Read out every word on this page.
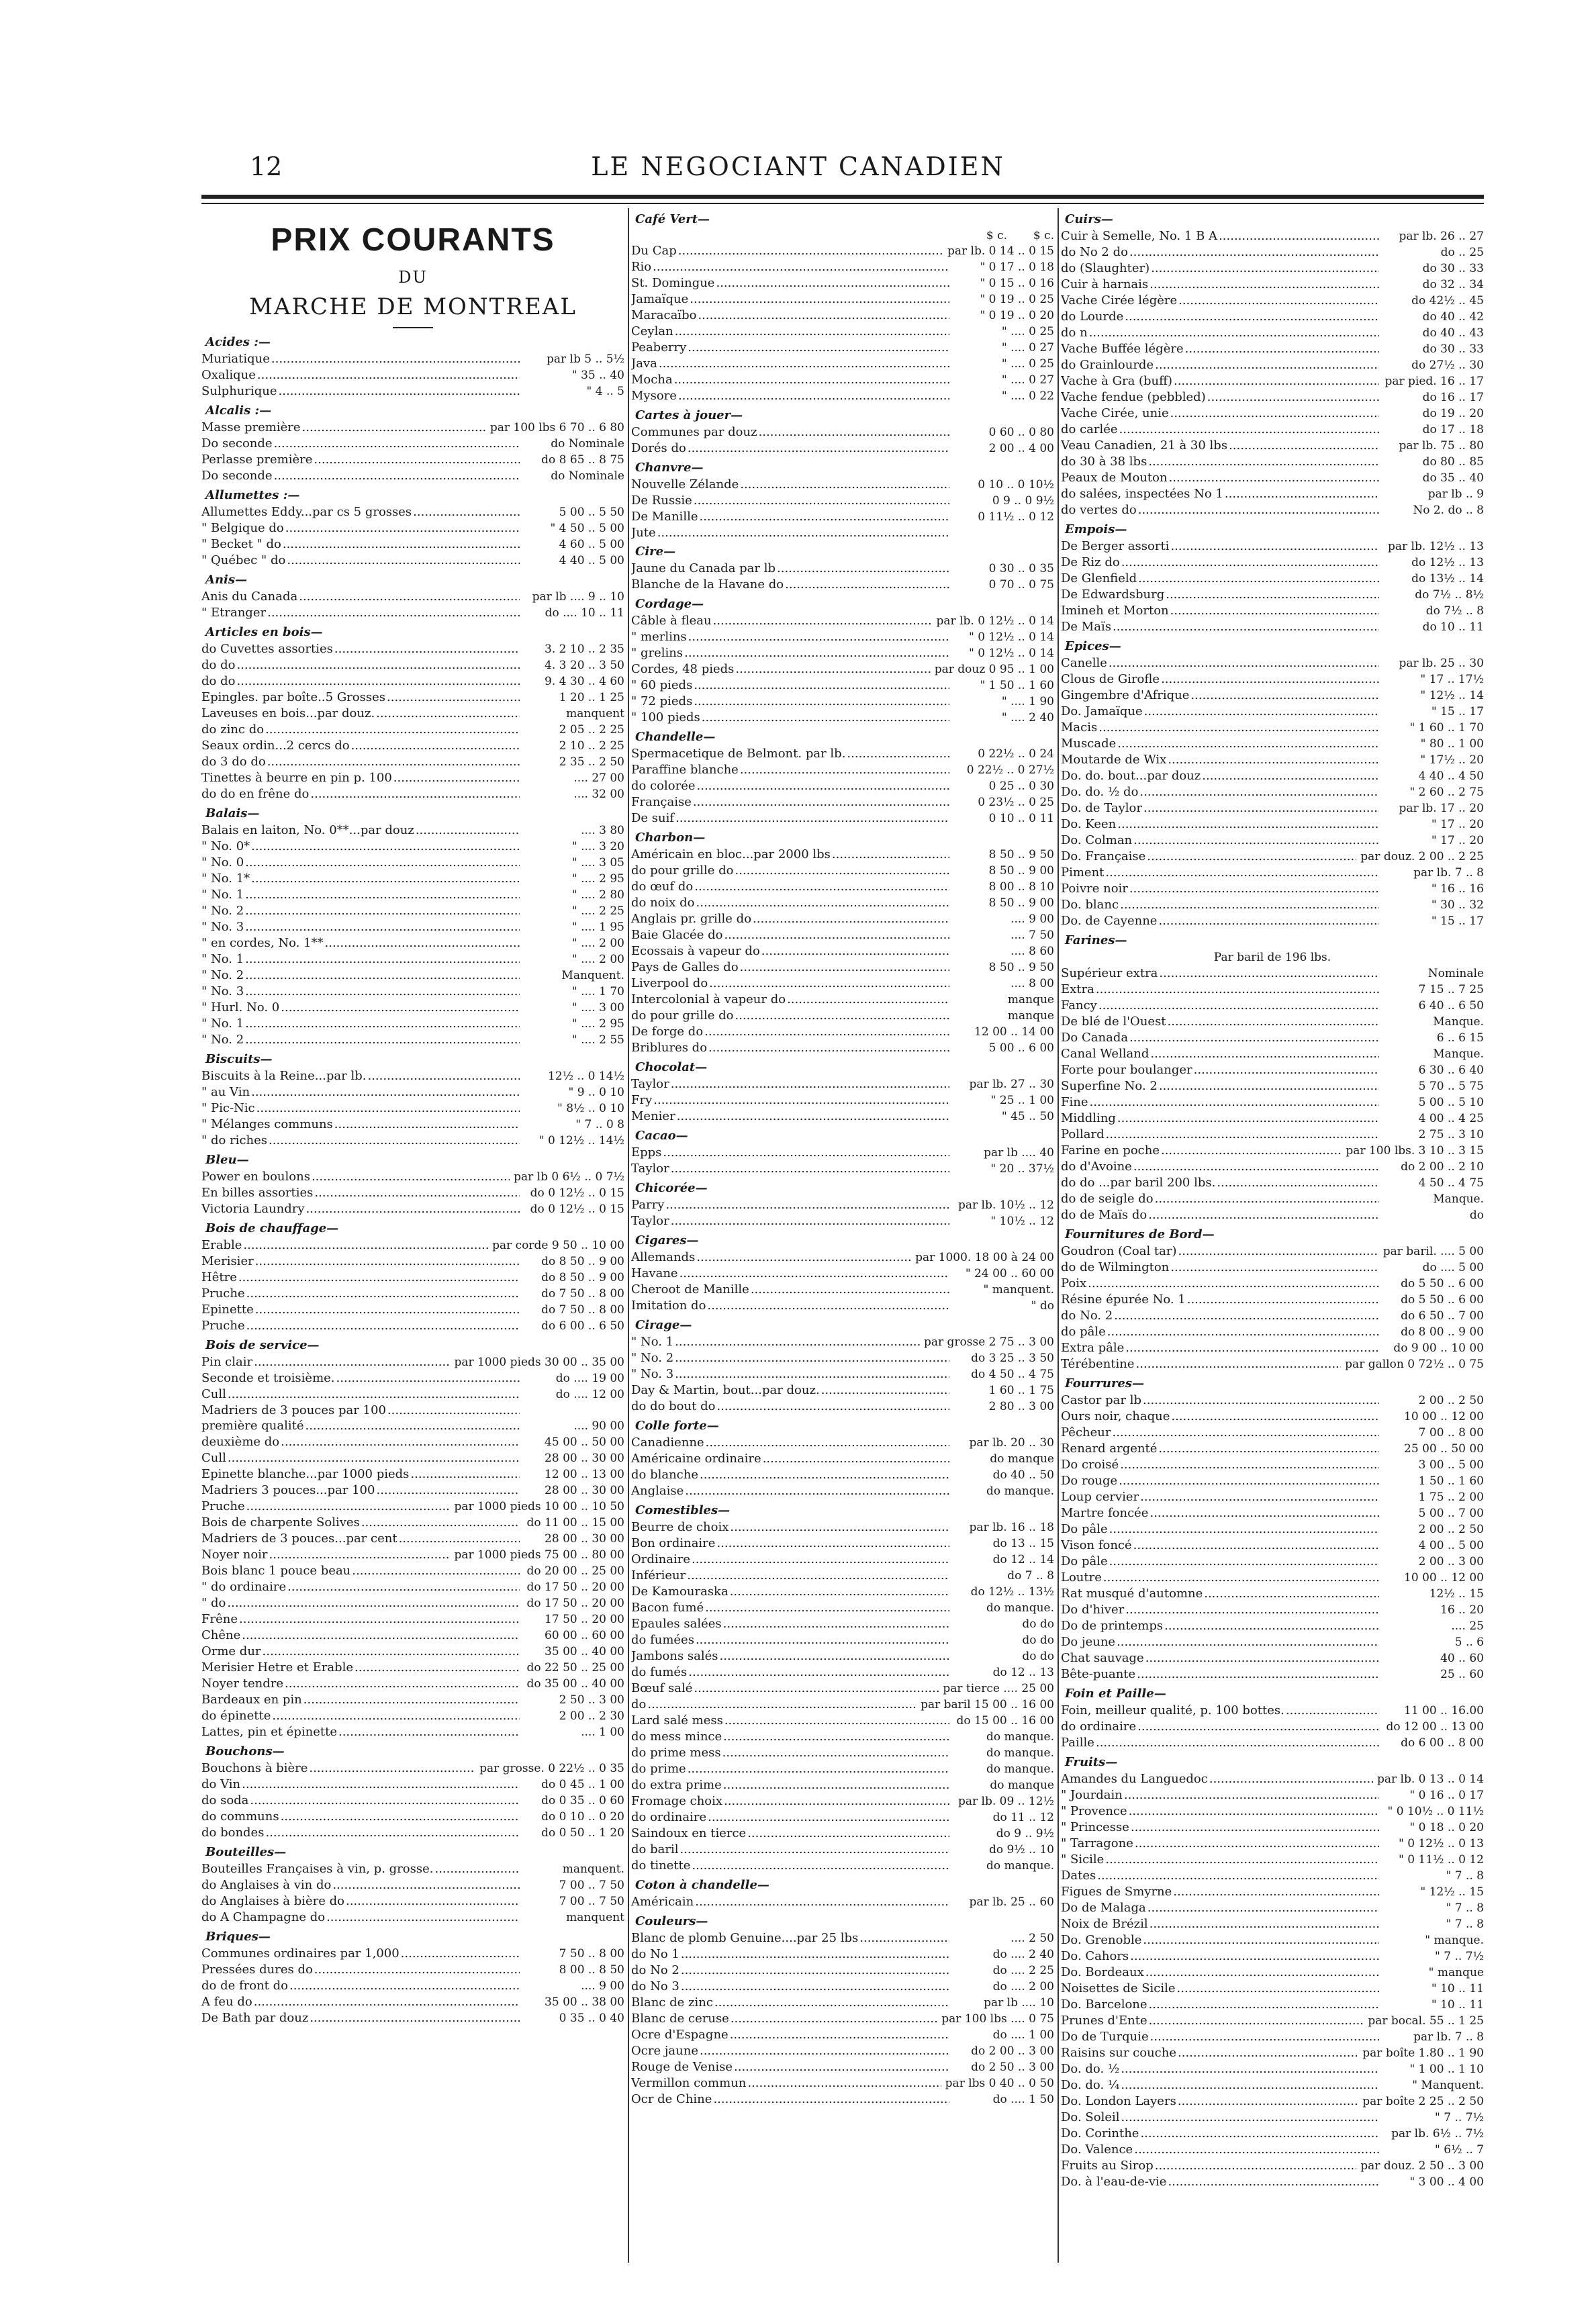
12	LE NEGOCIANT CANADIEN
PRIX COURANTS
DU
MARCHE DE MONTREAL
Acides :—
Muriatique .....	par lb 5 .. 5½
Oxalique .....	" 35 .. 40
Sulphurique .....	" 4 .. 5
Alcalis :—
Masse première .....	par 100 lbs 6 70 .. 6 80
Do seconde .....	do Nominale
Perlasse première .....	do 8 65 .. 8 75
Do seconde .....	do Nominale
Allumettes :—
Allumettes Eddy...par cs 5 grosses .....	5 00 .. 5 50
" Belgique do .....	" 4 50 .. 5 00
" Becket " do .....	4 60 .. 5 00
" Québec " do .....	4 40 .. 5 00
Anis—
Anis du Canada .....	par lb .... 9 .. 10
" Etranger .....	do .... 10 .. 11
Articles en bois—
do Cuvettes assorties .....	3. 2 10 .. 2 35
do do .....	4. 3 20 .. 3 50
do do .....	9. 4 30 .. 4 60
Epingles. par boîte..5 Grosses .....	1 20 .. 1 25
Laveuses en bois...par douz. .....	manquent
do zinc do .....	2 05 .. 2 25
Seaux ordin...2 cercs do .....	2 10 .. 2 25
do 3 do do .....	2 35 .. 2 50
Tinettes à beurre en pin p. 100 .....	.... 27 00
do do en frêne do .....	.... 32 00
Balais—
Balais en laiton, No. 0**...par douz .....	.... 3 80
" No. 0* .....	" .... 3 20
" No. 0 .....	" .... 3 05
" No. 1* .....	" .... 2 95
" No. 1 .....	" .... 2 80
" No. 2 .....	" .... 2 25
" No. 3 .....	" .... 1 95
" en cordes, No. 1** .....	" .... 2 00
" No. 1 .....	" .... 2 00
" No. 2 .....	Manquent.
" No. 3 .....	" .... 1 70
" Hurl. No. 0 .....	" .... 3 00
" No. 1 .....	" .... 2 95
" No. 2 .....	" .... 2 55
Biscuits—
Biscuits à la Reine...par lb. .....	12½ .. 0 14½
" au Vin .....	" 9 .. 0 10
" Pic-Nic .....	" 8½ .. 0 10
" Mélanges communs .....	" 7 .. 0 8
" do riches .....	" 0 12½ .. 14½
Bleu—
Power en boulons .....	par lb 0 6½ .. 0 7½
En billes assorties .....	do 0 12½ .. 0 15
Victoria Laundry .....	do 0 12½ .. 0 15
Bois de chauffage—
Erable .....	par corde 9 50 .. 10 00
Merisier .....	do 8 50 .. 9 00
Hêtre .....	do 8 50 .. 9 00
Pruche .....	do 7 50 .. 8 00
Epinette .....	do 7 50 .. 8 00
Pruche .....	do 6 00 .. 6 50
Bois de service—
Pin clair .....	par 1000 pieds 30 00 .. 35 00
Seconde et troisième. .....	do .... 19 00
Cull .....	do .... 12 00
Madriers de 3 pouces par 100 .....
première qualité .....	.... 90 00
deuxième do .....	45 00 .. 50 00
Cull .....	28 00 .. 30 00
Epinette blanche...par 1000 pieds .....	12 00 .. 13 00
Madriers 3 pouces...par 100 .....	28 00 .. 30 00
Pruche .....	par 1000 pieds 10 00 .. 10 50
Bois de charpente Solives .....	do 11 00 .. 15 00
Madriers de 3 pouces...par cent .....	28 00 .. 30 00
Noyer noir .....	par 1000 pieds 75 00 .. 80 00
Bois blanc 1 pouce beau .....	do 20 00 .. 25 00
" do ordinaire .....	do 17 50 .. 20 00
" do .....	do 17 50 .. 20 00
Frêne .....	17 50 .. 20 00
Chêne .....	60 00 .. 60 00
Orme dur .....	35 00 .. 40 00
Merisier Hetre et Erable .....	do 22 50 .. 25 00
Noyer tendre .....	do 35 00 .. 40 00
Bardeaux en pin .....	2 50 .. 3 00
do épinette .....	2 00 .. 2 30
Lattes, pin et épinette .....	.... 1 00
Bouchons—
Bouchons à bière .....	par grosse. 0 22½ .. 0 35
do Vin .....	do 0 45 .. 1 00
do soda .....	do 0 35 .. 0 60
do communs .....	do 0 10 .. 0 20
do bondes .....	do 0 50 .. 1 20
Bouteilles—
Bouteilles Françaises à vin, p. grosse. .....	manquent.
do Anglaises à vin do .....	7 00 .. 7 50
do Anglaises à bière do .....	7 00 .. 7 50
do A Champagne do .....	manquent
Briques—
Communes ordinaires par 1,000 .....	7 50 .. 8 00
Pressées dures do .....	8 00 .. 8 50
do de front do .....	.... 9 00
A feu do .....	35 00 .. 38 00
De Bath par douz .....	0 35 .. 0 40
Café Vert—
$ c.	$ c.
Du Cap .....	par lb. 0 14 .. 0 15
Rio .....	" 0 17 .. 0 18
St. Domingue .....	" 0 15 .. 0 16
Jamaïque .....	" 0 19 .. 0 25
Maracaïbo .....	" 0 19 .. 0 20
Ceylan .....	" .... 0 25
Peaberry .....	" .... 0 27
Java .....	" .... 0 25
Mocha .....	" .... 0 27
Mysore .....	" .... 0 22
Cartes à jouer—
Communes par douz .....	0 60 .. 0 80
Dorés do .....	2 00 .. 4 00
Chanvre—
Nouvelle Zélande .....	0 10 .. 0 10½
De Russie .....	0 9 .. 0 9½
De Manille .....	0 11½ .. 0 12
Jute .....
Cire—
Jaune du Canada par lb .....	0 30 .. 0 35
Blanche de la Havane do .....	0 70 .. 0 75
Cordage—
Câble à fleau .....	par lb. 0 12½ .. 0 14
" merlins .....	" 0 12½ .. 0 14
" grelins .....	" 0 12½ .. 0 14
Cordes, 48 pieds .....	par douz 0 95 .. 1 00
" 60 pieds .....	" 1 50 .. 1 60
" 72 pieds .....	" .... 1 90
" 100 pieds .....	" .... 2 40
Chandelle—
Spermacetique de Belmont. par lb. .....	0 22½ .. 0 24
Paraffine blanche .....	0 22½ .. 0 27½
do colorée .....	0 25 .. 0 30
Française .....	0 23½ .. 0 25
De suif .....	0 10 .. 0 11
Charbon—
Américain en bloc...par 2000 lbs .....	8 50 .. 9 50
do pour grille do .....	8 50 .. 9 00
do œuf do .....	8 00 .. 8 10
do noix do .....	8 50 .. 9 00
Anglais pr. grille do .....	.... 9 00
Baie Glacée do .....	.... 7 50
Ecossais à vapeur do .....	.... 8 60
Pays de Galles do .....	8 50 .. 9 50
Liverpool do .....	.... 8 00
Intercolonial à vapeur do .....	manque
do pour grille do .....	manque
De forge do .....	12 00 .. 14 00
Briblures do .....	5 00 .. 6 00
Chocolat—
Taylor .....	par lb. 27 .. 30
Fry .....	" 25 .. 1 00
Menier .....	" 45 .. 50
Cacao—
Epps .....	par lb .... 40
Taylor .....	" 20 .. 37½
Chicorée—
Parry .....	par lb. 10½ .. 12
Taylor .....	" 10½ .. 12
Cigares—
Allemands .....	par 1000. 18 00 à 24 00
Havane .....	" 24 00 .. 60 00
Cheroot de Manille .....	" manquent.
Imitation do .....	" do
Cirage—
" No. 1 .....	par grosse 2 75 .. 3 00
" No. 2 .....	do 3 25 .. 3 50
" No. 3 .....	do 4 50 .. 4 75
Day & Martin, bout...par douz. .....	1 60 .. 1 75
do do bout do .....	2 80 .. 3 00
Colle forte—
Canadienne .....	par lb. 20 .. 30
Américaine ordinaire .....	do manque
do blanche .....	do 40 .. 50
Anglaise .....	do manque.
Comestibles—
Beurre de choix .....	par lb. 16 .. 18
Bon ordinaire .....	do 13 .. 15
Ordinaire .....	do 12 .. 14
Inférieur .....	do 7 .. 8
De Kamouraska .....	do 12½ .. 13½
Bacon fumé .....	do manque.
Epaules salées .....	do do
do fumées .....	do do
Jambons salés .....	do do
do fumés .....	do 12 .. 13
Bœuf salé .....	par tierce .... 25 00
do .....	par baril 15 00 .. 16 00
Lard salé mess .....	do 15 00 .. 16 00
do mess mince .....	do manque.
do prime mess .....	do manque.
do prime .....	do manque.
do extra prime .....	do manque
Fromage choix .....	par lb. 09 .. 12½
do ordinaire .....	do 11 .. 12
Saindoux en tierce .....	do 9 .. 9½
do baril .....	do 9½ .. 10
do tinette .....	do manque.
Coton à chandelle—
Américain .....	par lb. 25 .. 60
Couleurs—
Blanc de plomb Genuine....par 25 lbs .....	.... 2 50
do No 1 .....	do .... 2 40
do No 2 .....	do .... 2 25
do No 3 .....	do .... 2 00
Blanc de zinc .....	par lb .... 10
Blanc de ceruse .....	par 100 lbs .... 0 75
Ocre d'Espagne .....	do .... 1 00
Ocre jaune .....	do 2 00 .. 3 00
Rouge de Venise .....	do 2 50 .. 3 00
Vermillon commun .....	par lbs 0 40 .. 0 50
Ocr de Chine .....	do .... 1 50
Cuirs—
Cuir à Semelle, No. 1 B A .....	par lb. 26 .. 27
do No 2 do .....	do .. 25
do (Slaughter) .....	do 30 .. 33
Cuir à harnais .....	do 32 .. 34
Vache Cirée légère .....	do 42½ .. 45
do Lourde .....	do 40 .. 42
do n .....	do 40 .. 43
Vache Buffée légère .....	do 30 .. 33
do Grainlourde .....	do 27½ .. 30
Vache à Gra (buff) .....	par pied. 16 .. 17
Vache fendue (pebbled) .....	do 16 .. 17
Vache Cirée, unie .....	do 19 .. 20
do carlée .....	do 17 .. 18
Veau Canadien, 21 à 30 lbs .....	par lb. 75 .. 80
do 30 à 38 lbs .....	do 80 .. 85
Peaux de Mouton .....	do 35 .. 40
do salées, inspectées No 1 .....	par lb .. 9
do vertes do .....	No 2. do .. 8
Empois—
De Berger assorti .....	par lb. 12½ .. 13
De Riz do .....	do 12½ .. 13
De Glenfield .....	do 13½ .. 14
De Edwardsburg .....	do 7½ .. 8½
Imineh et Morton .....	do 7½ .. 8
De Maïs .....	do 10 .. 11
Epices—
Canelle .....	par lb. 25 .. 30
Clous de Girofle .....	" 17 .. 17½
Gingembre d'Afrique .....	" 12½ .. 14
Do. Jamaïque .....	" 15 .. 17
Macis .....	" 1 60 .. 1 70
Muscade .....	" 80 .. 1 00
Moutarde de Wix .....	" 17½ .. 20
Do. do. bout...par douz .....	4 40 .. 4 50
Do. do. ½ do .....	" 2 60 .. 2 75
Do. de Taylor .....	par lb. 17 .. 20
Do. Keen .....	" 17 .. 20
Do. Colman .....	" 17 .. 20
Do. Française .....	par douz. 2 00 .. 2 25
Piment .....	par lb. 7 .. 8
Poivre noir .....	" 16 .. 16
Do. blanc .....	" 30 .. 32
Do. de Cayenne .....	" 15 .. 17
Farines—
Par baril de 196 lbs.
Supérieur extra .....	Nominale
Extra .....	7 15 .. 7 25
Fancy .....	6 40 .. 6 50
De blé de l'Ouest .....	Manque.
Do Canada .....	6 .. 6 15
Canal Welland .....	Manque.
Forte pour boulanger .....	6 30 .. 6 40
Superfine No. 2 .....	5 70 .. 5 75
Fine .....	5 00 .. 5 10
Middling .....	4 00 .. 4 25
Pollard .....	2 75 .. 3 10
Farine en poche .....	par 100 lbs. 3 10 .. 3 15
do d'Avoine .....	do 2 00 .. 2 10
do do ...par baril 200 lbs. .....	4 50 .. 4 75
do de seigle do .....	Manque.
do de Maïs do .....	do
Fournitures de Bord—
Goudron (Coal tar) .....	par baril. .... 5 00
do de Wilmington .....	do .... 5 00
Poix .....	do 5 50 .. 6 00
Résine épurée No. 1 .....	do 5 50 .. 6 00
do No. 2 .....	do 6 50 .. 7 00
do pâle .....	do 8 00 .. 9 00
Extra pâle .....	do 9 00 .. 10 00
Térébentine .....	par gallon 0 72½ .. 0 75
Fourrures—
Castor par lb .....	2 00 .. 2 50
Ours noir, chaque .....	10 00 .. 12 00
Pêcheur .....	7 00 .. 8 00
Renard argenté .....	25 00 .. 50 00
Do croisé .....	3 00 .. 5 00
Do rouge .....	1 50 .. 1 60
Loup cervier .....	1 75 .. 2 00
Martre foncée .....	5 00 .. 7 00
Do pâle .....	2 00 .. 2 50
Vison foncé .....	4 00 .. 5 00
Do pâle .....	2 00 .. 3 00
Loutre .....	10 00 .. 12 00
Rat musqué d'automne .....	12½ .. 15
Do d'hiver .....	16 .. 20
Do de printemps .....	.... 25
Do jeune .....	5 .. 6
Chat sauvage .....	40 .. 60
Bête-puante .....	25 .. 60
Foin et Paille—
Foin, meilleur qualité, p. 100 bottes. .....	11 00 .. 16.00
do ordinaire .....	do 12 00 .. 13 00
Paille .....	do 6 00 .. 8 00
Fruits—
Amandes du Languedoc .....	par lb. 0 13 .. 0 14
" Jourdain .....	" 0 16 .. 0 17
" Provence .....	" 0 10½ .. 0 11½
" Princesse .....	" 0 18 .. 0 20
" Tarragone .....	" 0 12½ .. 0 13
" Sicile .....	" 0 11½ .. 0 12
Dates .....	" 7 .. 8
Figues de Smyrne .....	" 12½ .. 15
Do de Malaga .....	" 7 .. 8
Noix de Brézil .....	" 7 .. 8
Do. Grenoble .....	" manque.
Do. Cahors .....	" 7 .. 7½
Do. Bordeaux .....	" manque
Noisettes de Sicile .....	" 10 .. 11
Do. Barcelone .....	" 10 .. 11
Prunes d'Ente .....	par bocal. 55 .. 1 25
Do de Turquie .....	par lb. 7 .. 8
Raisins sur couche .....	par boîte 1.80 .. 1 90
Do. do. ½ .....	" 1 00 .. 1 10
Do. do. ¼ .....	" Manquent.
Do. London Layers .....	par boîte 2 25 .. 2 50
Do. Soleil .....	" 7 .. 7½
Do. Corinthe .....	par lb. 6½ .. 7½
Do. Valence .....	" 6½ .. 7
Fruits au Sirop .....	par douz. 2 50 .. 3 00
Do. à l'eau-de-vie .....	" 3 00 .. 4 00
